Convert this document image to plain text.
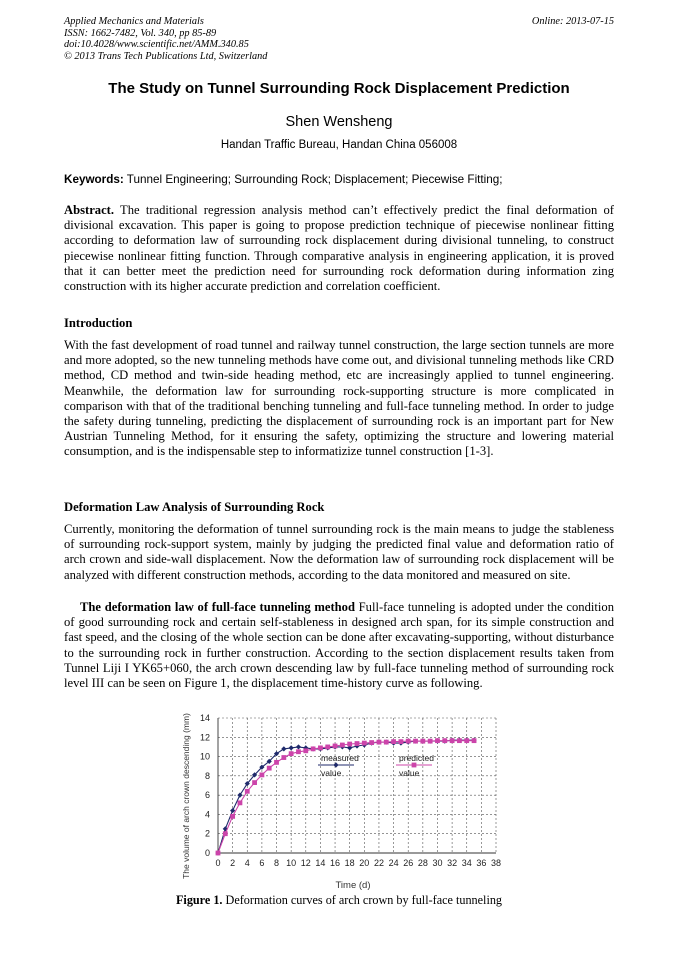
Applied Mechanics and Materials
ISSN: 1662-7482, Vol. 340, pp 85-89
doi:10.4028/www.scientific.net/AMM.340.85
© 2013 Trans Tech Publications Ltd, Switzerland
Online: 2013-07-15
The Study on Tunnel Surrounding Rock Displacement Prediction
Shen Wensheng
Handan Traffic Bureau, Handan China 056008
Keywords: Tunnel Engineering; Surrounding Rock; Displacement; Piecewise Fitting;
Abstract. The traditional regression analysis method can’t effectively predict the final deformation of divisional excavation. This paper is going to propose prediction technique of piecewise nonlinear fitting according to deformation law of surrounding rock displacement during divisional tunneling, to construct piecewise nonlinear fitting function. Through comparative analysis in engineering application, it is proved that it can better meet the prediction need for surrounding rock deformation during information zing construction with its higher accurate prediction and correlation coefficient.
Introduction
With the fast development of road tunnel and railway tunnel construction, the large section tunnels are more and more adopted, so the new tunneling methods have come out, and divisional tunneling methods like CRD method, CD method and twin-side heading method, etc are increasingly applied to tunnel engineering. Meanwhile, the deformation law for surrounding rock-supporting structure is more complicated in comparison with that of the traditional benching tunneling and full-face tunneling method. In order to judge the safety during tunneling, predicting the displacement of surrounding rock is an important part for New Austrian Tunneling Method, for it ensuring the safety, optimizing the structure and lowering material consumption, and is the indispensable step to informatizize tunnel construction [1-3].
Deformation Law Analysis of Surrounding Rock
Currently, monitoring the deformation of tunnel surrounding rock is the main means to judge the stableness of surrounding rock-support system, mainly by judging the predicted final value and deformation ratio of arch crown and side-wall displacement. Now the deformation law of surrounding rock displacement will be analyzed with different construction methods, according to the data monitored and measured on site.
The deformation law of full-face tunneling method Full-face tunneling is adopted under the condition of good surrounding rock and certain self-stableness in designed arch span, for its simple construction and fast speed, and the closing of the whole section can be done after excavating-supporting, without disturbance to the surrounding rock in further construction. According to the section displacement results taken from Tunnel Liji I YK65+060, the arch crown descending law by full-face tunneling method of surrounding rock level III can be seen on Figure 1, the displacement time-history curve as following.
0
2
4
6
8
10
12
14
0 2 4 6 8 10 12 14 16 18 20 22 24 26 28 30 32 34 36 38
measured
value
predicted
value
Time (d)
The volume of arch crown descending (mm)
Figure 1. Deformation curves of arch crown by full-face tunneling
